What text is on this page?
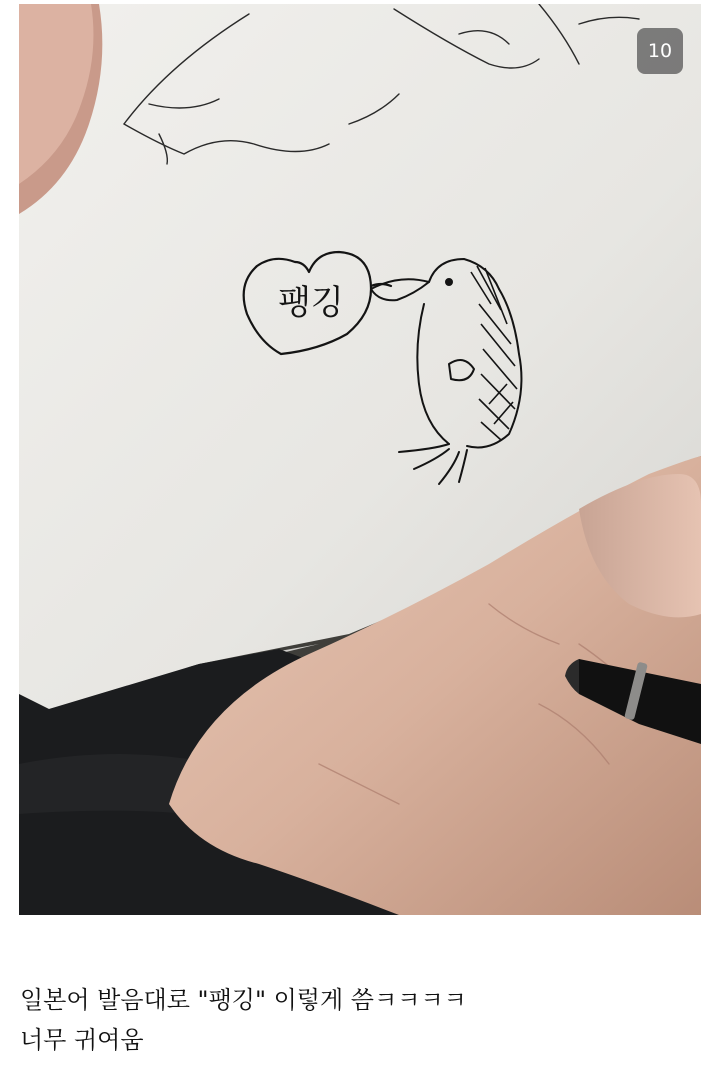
팽깅
10

일본어 발음대로 "팽깅" 이렇게 씀ㅋㅋㅋㅋ

너무 귀여움
